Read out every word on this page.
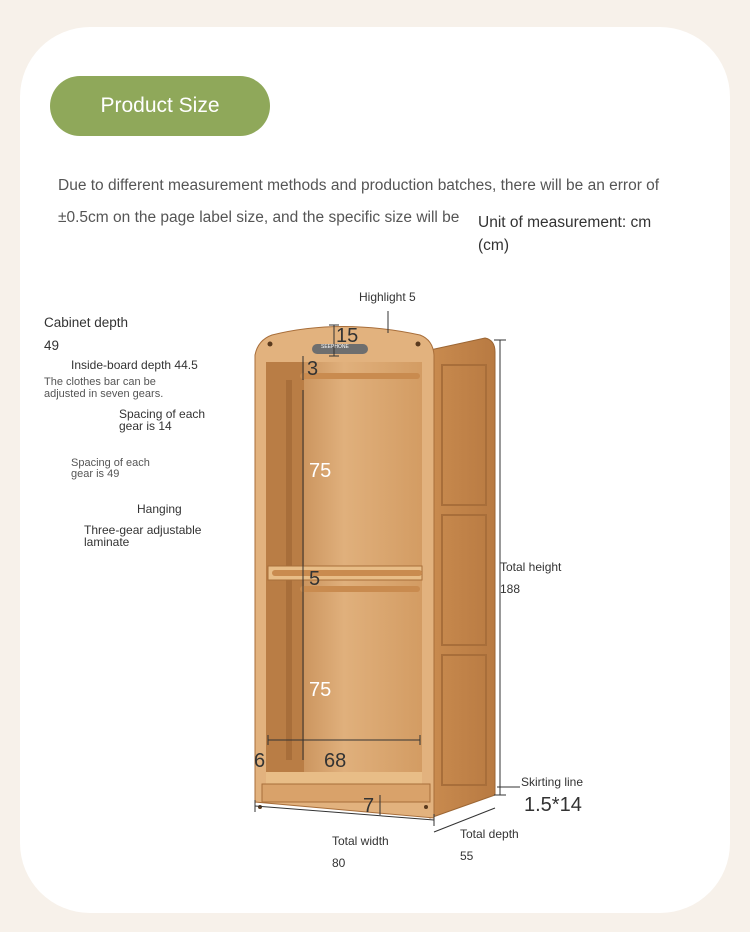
Product Size
Due to different measurement methods and production batches, there will be an error of
±0.5cm on the page label size, and the specific size will be Unit of measurement: cm
(cm)
15
3
75
5
75
68
6
7
SEEPHONE
Highlight 5
Cabinet depth
49
Inside-board depth 44.5
The clothes bar can be
adjusted in seven gears.
Spacing of each
gear is 14
Spacing of each
gear is 49
Hanging
Three-gear adjustable
laminate
Total height
188
Skirting line
1.5*14
Total width
80
Total depth
55
